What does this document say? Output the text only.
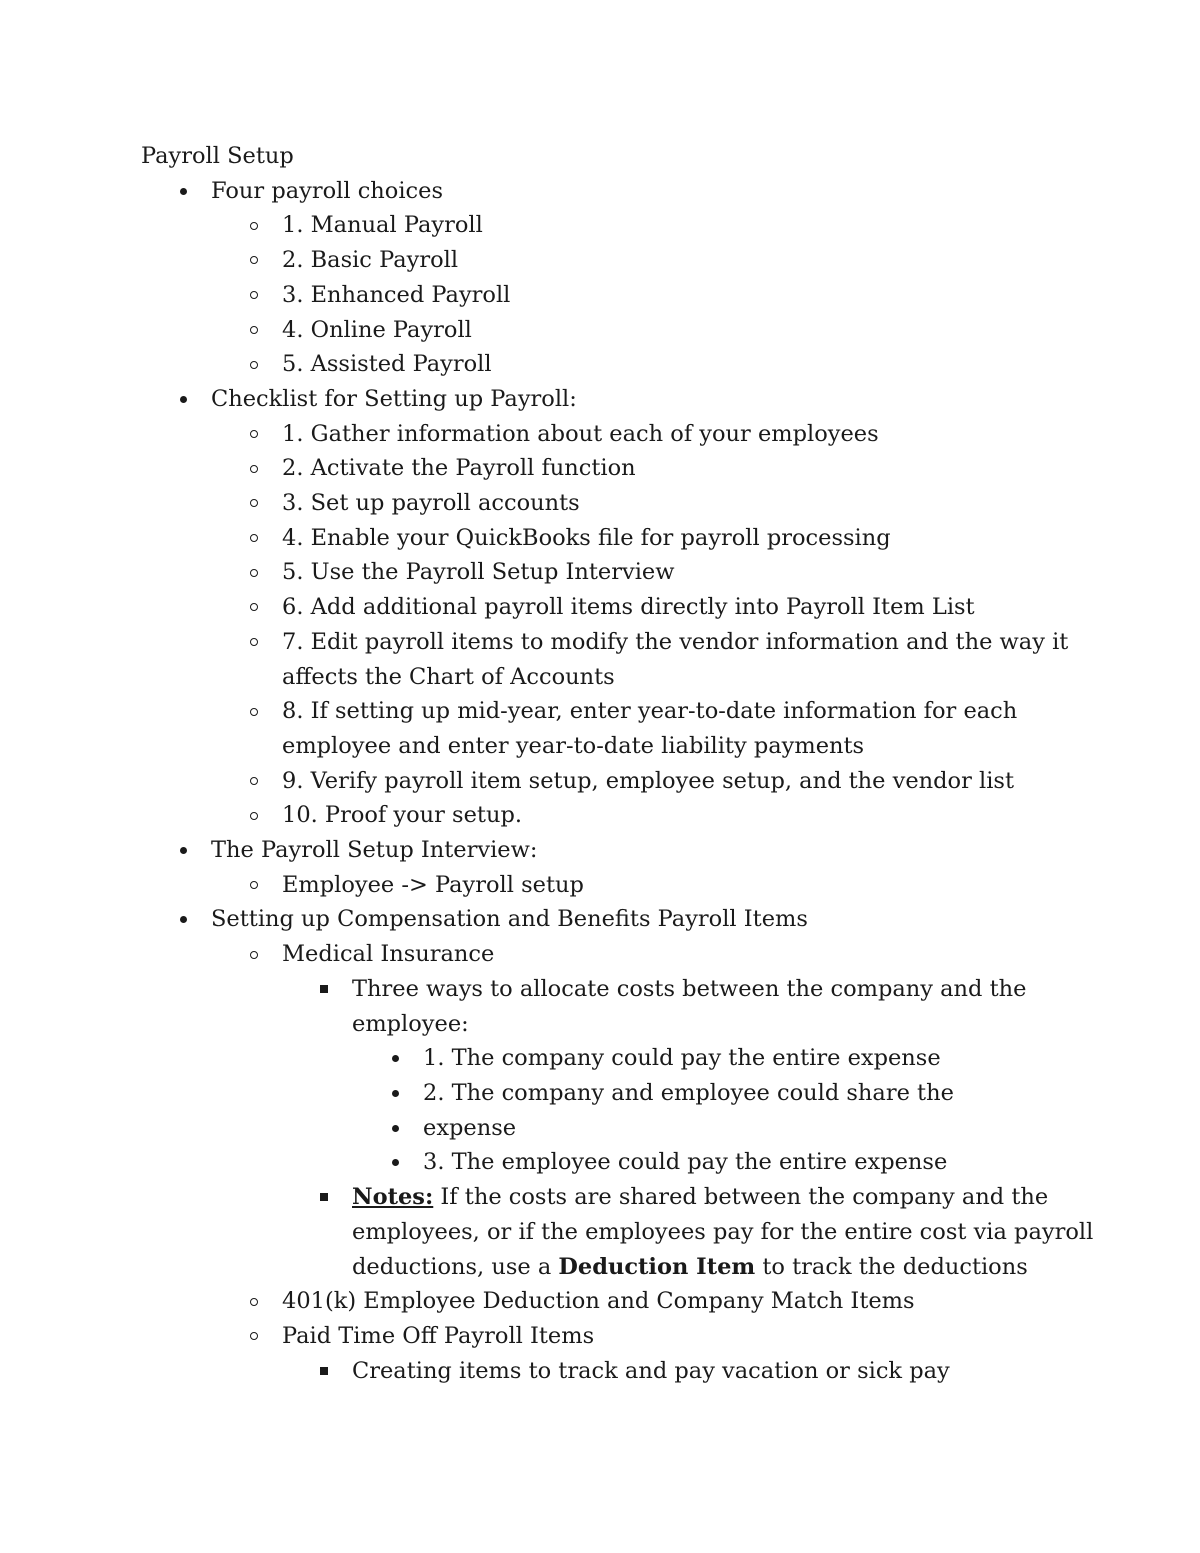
Payroll Setup

Four payroll choices
1. Manual Payroll
2. Basic Payroll
3. Enhanced Payroll
4. Online Payroll
5. Assisted Payroll
Checklist for Setting up Payroll:
1. Gather information about each of your employees
2. Activate the Payroll function
3. Set up payroll accounts
4. Enable your QuickBooks file for payroll processing
5. Use the Payroll Setup Interview
6. Add additional payroll items directly into Payroll Item List
7. Edit payroll items to modify the vendor information and the way it affects the Chart of Accounts
8. If setting up mid-year, enter year-to-date information for each employee and enter year-to-date liability payments
9. Verify payroll item setup, employee setup, and the vendor list
10. Proof your setup.
The Payroll Setup Interview:
Employee -> Payroll setup
Setting up Compensation and Benefits Payroll Items
Medical Insurance
Three ways to allocate costs between the company and the employee:
1. The company could pay the entire expense
2. The company and employee could share the
expense
3. The employee could pay the entire expense
Notes: If the costs are shared between the company and the employees, or if the employees pay for the entire cost via payroll deductions, use a Deduction Item to track the deductions
401(k) Employee Deduction and Company Match Items
Paid Time Off Payroll Items
Creating items to track and pay vacation or sick pay
